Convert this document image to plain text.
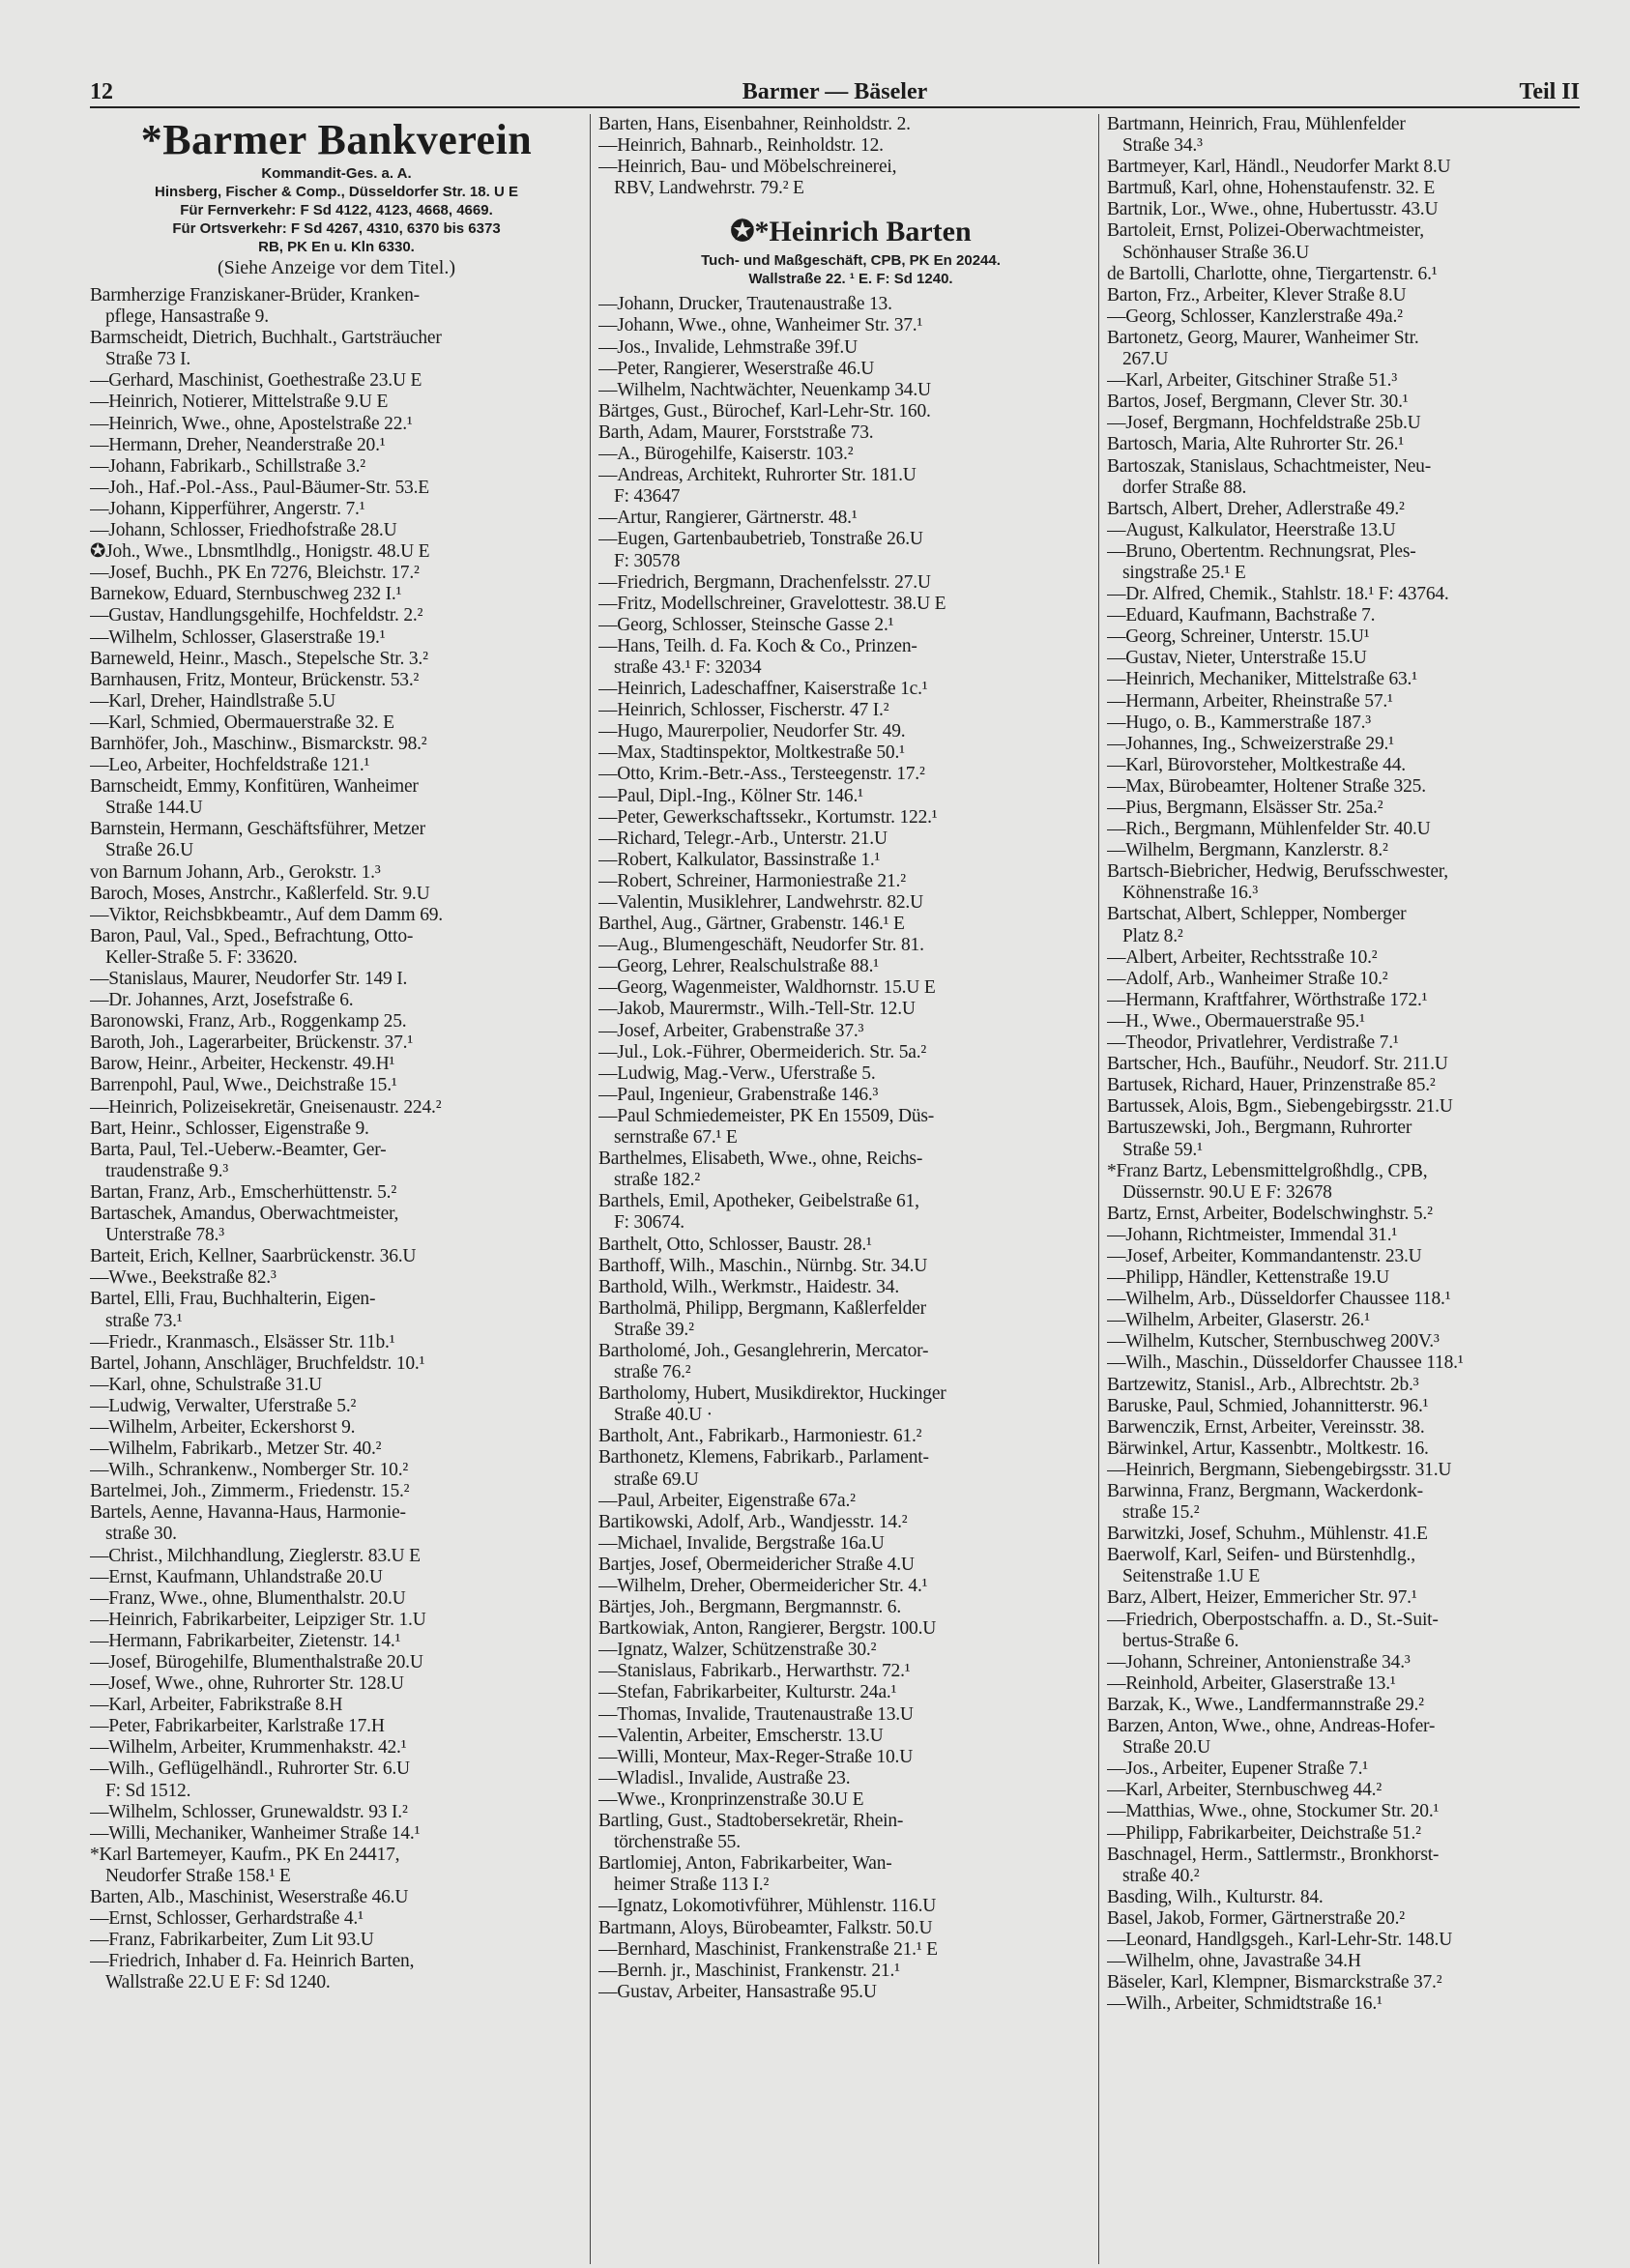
12	Barmer — Bäseler	Teil II
*Barmer Bankverein
Kommandit-Ges. a. A.
Hinsberg, Fischer & Comp., Düsseldorfer Str. 18. U E
Für Fernverkehr: F Sd 4122, 4123, 4668, 4669.
Für Ortsverkehr: F Sd 4267, 4310, 6370 bis 6373
RB, PK En u. Kln 6330.
(Siehe Anzeige vor dem Titel.)
Barmherzige Franziskaner-Brüder, Kranken-
pflege, Hansastraße 9.
Barmscheidt, Dietrich, Buchhalt., Gartsträucher
Straße 73 I.
—Gerhard, Maschinist, Goethestraße 23.U E
—Heinrich, Notierer, Mittelstraße 9.U E
—Heinrich, Wwe., ohne, Apostelstraße 22.¹
—Hermann, Dreher, Neanderstraße 20.¹
—Johann, Fabrikarb., Schillstraße 3.²
—Joh., Haf.-Pol.-Ass., Paul-Bäumer-Str. 53.E
—Johann, Kipperführer, Angerstr. 7.¹
—Johann, Schlosser, Friedhofstraße 28.U
✪Joh., Wwe., Lbnsmtlhdlg., Honigstr. 48.U E
—Josef, Buchh., PK En 7276, Bleichstr. 17.²
Barnekow, Eduard, Sternbuschweg 232 I.¹
—Gustav, Handlungsgehilfe, Hochfeldstr. 2.²
—Wilhelm, Schlosser, Glaserstraße 19.¹
Barneweld, Heinr., Masch., Stepelsche Str. 3.²
Barnhausen, Fritz, Monteur, Brückenstr. 53.²
—Karl, Dreher, Haindlstraße 5.U
—Karl, Schmied, Obermauerstraße 32. E
Barnhöfer, Joh., Maschinw., Bismarckstr. 98.²
—Leo, Arbeiter, Hochfeldstraße 121.¹
Barnscheidt, Emmy, Konfitüren, Wanheimer
Straße 144.U
Barnstein, Hermann, Geschäftsführer, Metzer
Straße 26.U
von Barnum Johann, Arb., Gerokstr. 1.³
Baroch, Moses, Anstrchr., Kaßlerfeld. Str. 9.U
—Viktor, Reichsbkbeamtr., Auf dem Damm 69.
Baron, Paul, Val., Sped., Befrachtung, Otto-
Keller-Straße 5. F: 33620.
—Stanislaus, Maurer, Neudorfer Str. 149 I.
—Dr. Johannes, Arzt, Josefstraße 6.
Baronowski, Franz, Arb., Roggenkamp 25.
Baroth, Joh., Lagerarbeiter, Brückenstr. 37.¹
Barow, Heinr., Arbeiter, Heckenstr. 49.H¹
Barrenpohl, Paul, Wwe., Deichstraße 15.¹
—Heinrich, Polizeisekretär, Gneisenaustr. 224.²
Bart, Heinr., Schlosser, Eigenstraße 9.
Barta, Paul, Tel.-Ueberw.-Beamter, Ger-
traudenstraße 9.³
Bartan, Franz, Arb., Emscherhüttenstr. 5.²
Bartaschek, Amandus, Oberwachtmeister,
Unterstraße 78.³
Barteit, Erich, Kellner, Saarbrückenstr. 36.U
—Wwe., Beekstraße 82.³
Bartel, Elli, Frau, Buchhalterin, Eigen-
straße 73.¹
—Friedr., Kranmasch., Elsässer Str. 11b.¹
Bartel, Johann, Anschläger, Bruchfeldstr. 10.¹
—Karl, ohne, Schulstraße 31.U
—Ludwig, Verwalter, Uferstraße 5.²
—Wilhelm, Arbeiter, Eckershorst 9.
—Wilhelm, Fabrikarb., Metzer Str. 40.²
—Wilh., Schrankenw., Nomberger Str. 10.²
Bartelmei, Joh., Zimmerm., Friedenstr. 15.²
Bartels, Aenne, Havanna-Haus, Harmonie-
straße 30.
—Christ., Milchhandlung, Zieglerstr. 83.U E
—Ernst, Kaufmann, Uhlandstraße 20.U
—Franz, Wwe., ohne, Blumenthalstr. 20.U
—Heinrich, Fabrikarbeiter, Leipziger Str. 1.U
—Hermann, Fabrikarbeiter, Zietenstr. 14.¹
—Josef, Bürogehilfe, Blumenthalstraße 20.U
—Josef, Wwe., ohne, Ruhrorter Str. 128.U
—Karl, Arbeiter, Fabrikstraße 8.H
—Peter, Fabrikarbeiter, Karlstraße 17.H
—Wilhelm, Arbeiter, Krummenhakstr. 42.¹
—Wilh., Geflügelhändl., Ruhrorter Str. 6.U
F: Sd 1512.
—Wilhelm, Schlosser, Grunewaldstr. 93 I.²
—Willi, Mechaniker, Wanheimer Straße 14.¹
*Karl Bartemeyer, Kaufm., PK En 24417,
Neudorfer Straße 158.¹ E
Barten, Alb., Maschinist, Weserstraße 46.U
—Ernst, Schlosser, Gerhardstraße 4.¹
—Franz, Fabrikarbeiter, Zum Lit 93.U
—Friedrich, Inhaber d. Fa. Heinrich Barten,
Wallstraße 22.U E F: Sd 1240.
Barten, Hans, Eisenbahner, Reinholdstr. 2.
—Heinrich, Bahnarb., Reinholdstr. 12.
—Heinrich, Bau- und Möbelschreinerei,
RBV, Landwehrstr. 79.² E
✪*Heinrich Barten
Tuch- und Maßgeschäft, CPB, PK En 20244.
Wallstraße 22. ¹ E. F: Sd 1240.
—Johann, Drucker, Trautenaustraße 13.
—Johann, Wwe., ohne, Wanheimer Str. 37.¹
—Jos., Invalide, Lehmstraße 39f.U
—Peter, Rangierer, Weserstraße 46.U
—Wilhelm, Nachtwächter, Neuenkamp 34.U
Bärtges, Gust., Bürochef, Karl-Lehr-Str. 160.
Barth, Adam, Maurer, Forststraße 73.
—A., Bürogehilfe, Kaiserstr. 103.²
—Andreas, Architekt, Ruhrorter Str. 181.U
F: 43647
—Artur, Rangierer, Gärtnerstr. 48.¹
—Eugen, Gartenbaubetrieb, Tonstraße 26.U
F: 30578
—Friedrich, Bergmann, Drachenfelsstr. 27.U
—Fritz, Modellschreiner, Gravelottestr. 38.U E
—Georg, Schlosser, Steinsche Gasse 2.¹
—Hans, Teilh. d. Fa. Koch & Co., Prinzen-
straße 43.¹ F: 32034
—Heinrich, Ladeschaffner, Kaiserstraße 1c.¹
—Heinrich, Schlosser, Fischerstr. 47 I.²
—Hugo, Maurerpolier, Neudorfer Str. 49.
—Max, Stadtinspektor, Moltkestraße 50.¹
—Otto, Krim.-Betr.-Ass., Tersteegenstr. 17.²
—Paul, Dipl.-Ing., Kölner Str. 146.¹
—Peter, Gewerkschaftssekr., Kortumstr. 122.¹
—Richard, Telegr.-Arb., Unterstr. 21.U
—Robert, Kalkulator, Bassinstraße 1.¹
—Robert, Schreiner, Harmoniestraße 21.²
—Valentin, Musiklehrer, Landwehrstr. 82.U
Barthel, Aug., Gärtner, Grabenstr. 146.¹ E
—Aug., Blumengeschäft, Neudorfer Str. 81.
—Georg, Lehrer, Realschulstraße 88.¹
—Georg, Wagenmeister, Waldhornstr. 15.U E
—Jakob, Maurermstr., Wilh.-Tell-Str. 12.U
—Josef, Arbeiter, Grabenstraße 37.³
—Jul., Lok.-Führer, Obermeiderich. Str. 5a.²
—Ludwig, Mag.-Verw., Uferstraße 5.
—Paul, Ingenieur, Grabenstraße 146.³
—Paul Schmiedemeister, PK En 15509, Düs-
sernstraße 67.¹ E
Barthelmes, Elisabeth, Wwe., ohne, Reichs-
straße 182.²
Barthels, Emil, Apotheker, Geibelstraße 61,
F: 30674.
Barthelt, Otto, Schlosser, Baustr. 28.¹
Barthoff, Wilh., Maschin., Nürnbg. Str. 34.U
Barthold, Wilh., Werkmstr., Haidestr. 34.
Bartholmä, Philipp, Bergmann, Kaßlerfelder
Straße 39.²
Bartholomé, Joh., Gesanglehrerin, Mercator-
straße 76.²
Bartholomy, Hubert, Musikdirektor, Huckinger
Straße 40.U ·
Bartholt, Ant., Fabrikarb., Harmoniestr. 61.²
Barthonetz, Klemens, Fabrikarb., Parlament-
straße 69.U
—Paul, Arbeiter, Eigenstraße 67a.²
Bartikowski, Adolf, Arb., Wandjesstr. 14.²
—Michael, Invalide, Bergstraße 16a.U
Bartjes, Josef, Obermeidericher Straße 4.U
—Wilhelm, Dreher, Obermeidericher Str. 4.¹
Bärtjes, Joh., Bergmann, Bergmannstr. 6.
Bartkowiak, Anton, Rangierer, Bergstr. 100.U
—Ignatz, Walzer, Schützenstraße 30.²
—Stanislaus, Fabrikarb., Herwarthstr. 72.¹
—Stefan, Fabrikarbeiter, Kulturstr. 24a.¹
—Thomas, Invalide, Trautenaustraße 13.U
—Valentin, Arbeiter, Emscherstr. 13.U
—Willi, Monteur, Max-Reger-Straße 10.U
—Wladisl., Invalide, Austraße 23.
—Wwe., Kronprinzenstraße 30.U E
Bartling, Gust., Stadtobersekretär, Rhein-
törchenstraße 55.
Bartlomiej, Anton, Fabrikarbeiter, Wan-
heimer Straße 113 I.²
—Ignatz, Lokomotivführer, Mühlenstr. 116.U
Bartmann, Aloys, Bürobeamter, Falkstr. 50.U
—Bernhard, Maschinist, Frankenstraße 21.¹ E
—Bernh. jr., Maschinist, Frankenstr. 21.¹
—Gustav, Arbeiter, Hansastraße 95.U
Bartmann, Heinrich, Frau, Mühlenfelder
Straße 34.³
Bartmeyer, Karl, Händl., Neudorfer Markt 8.U
Bartmuß, Karl, ohne, Hohenstaufenstr. 32. E
Bartnik, Lor., Wwe., ohne, Hubertusstr. 43.U
Bartoleit, Ernst, Polizei-Oberwachtmeister,
Schönhauser Straße 36.U
de Bartolli, Charlotte, ohne, Tiergartenstr. 6.¹
Barton, Frz., Arbeiter, Klever Straße 8.U
—Georg, Schlosser, Kanzlerstraße 49a.²
Bartonetz, Georg, Maurer, Wanheimer Str.
267.U
—Karl, Arbeiter, Gitschiner Straße 51.³
Bartos, Josef, Bergmann, Clever Str. 30.¹
—Josef, Bergmann, Hochfeldstraße 25b.U
Bartosch, Maria, Alte Ruhrorter Str. 26.¹
Bartoszak, Stanislaus, Schachtmeister, Neu-
dorfer Straße 88.
Bartsch, Albert, Dreher, Adlerstraße 49.²
—August, Kalkulator, Heerstraße 13.U
—Bruno, Obertentm. Rechnungsrat, Ples-
singstraße 25.¹ E
—Dr. Alfred, Chemik., Stahlstr. 18.¹ F: 43764.
—Eduard, Kaufmann, Bachstraße 7.
—Georg, Schreiner, Unterstr. 15.U¹
—Gustav, Nieter, Unterstraße 15.U
—Heinrich, Mechaniker, Mittelstraße 63.¹
—Hermann, Arbeiter, Rheinstraße 57.¹
—Hugo, o. B., Kammerstraße 187.³
—Johannes, Ing., Schweizerstraße 29.¹
—Karl, Bürovorsteher, Moltkestraße 44.
—Max, Bürobeamter, Holtener Straße 325.
—Pius, Bergmann, Elsässer Str. 25a.²
—Rich., Bergmann, Mühlenfelder Str. 40.U
—Wilhelm, Bergmann, Kanzlerstr. 8.²
Bartsch-Biebricher, Hedwig, Berufsschwester,
Köhnenstraße 16.³
Bartschat, Albert, Schlepper, Nomberger
Platz 8.²
—Albert, Arbeiter, Rechtsstraße 10.²
—Adolf, Arb., Wanheimer Straße 10.²
—Hermann, Kraftfahrer, Wörthstraße 172.¹
—H., Wwe., Obermauerstraße 95.¹
—Theodor, Privatlehrer, Verdistraße 7.¹
Bartscher, Hch., Bauführ., Neudorf. Str. 211.U
Bartusek, Richard, Hauer, Prinzenstraße 85.²
Bartussek, Alois, Bgm., Siebengebirgsstr. 21.U
Bartuszewski, Joh., Bergmann, Ruhrorter
Straße 59.¹
*Franz Bartz, Lebensmittelgroßhdlg., CPB,
Düssernstr. 90.U E F: 32678
Bartz, Ernst, Arbeiter, Bodelschwinghstr. 5.²
—Johann, Richtmeister, Immendal 31.¹
—Josef, Arbeiter, Kommandantenstr. 23.U
—Philipp, Händler, Kettenstraße 19.U
—Wilhelm, Arb., Düsseldorfer Chaussee 118.¹
—Wilhelm, Arbeiter, Glaserstr. 26.¹
—Wilhelm, Kutscher, Sternbuschweg 200V.³
—Wilh., Maschin., Düsseldorfer Chaussee 118.¹
Bartzewitz, Stanisl., Arb., Albrechtstr. 2b.³
Baruske, Paul, Schmied, Johannitterstr. 96.¹
Barwenczik, Ernst, Arbeiter, Vereinsstr. 38.
Bärwinkel, Artur, Kassenbtr., Moltkestr. 16.
—Heinrich, Bergmann, Siebengebirgsstr. 31.U
Barwinna, Franz, Bergmann, Wackerdonk-
straße 15.²
Barwitzki, Josef, Schuhm., Mühlenstr. 41.E
Baerwolf, Karl, Seifen- und Bürstenhdlg.,
Seitenstraße 1.U E
Barz, Albert, Heizer, Emmericher Str. 97.¹
—Friedrich, Oberpostschaffn. a. D., St.-Suit-
bertus-Straße 6.
—Johann, Schreiner, Antonienstraße 34.³
—Reinhold, Arbeiter, Glaserstraße 13.¹
Barzak, K., Wwe., Landfermannstraße 29.²
Barzen, Anton, Wwe., ohne, Andreas-Hofer-
Straße 20.U
—Jos., Arbeiter, Eupener Straße 7.¹
—Karl, Arbeiter, Sternbuschweg 44.²
—Matthias, Wwe., ohne, Stockumer Str. 20.¹
—Philipp, Fabrikarbeiter, Deichstraße 51.²
Baschnagel, Herm., Sattlermstr., Bronkhorst-
straße 40.²
Basding, Wilh., Kulturstr. 84.
Basel, Jakob, Former, Gärtnerstraße 20.²
—Leonard, Handlgsgeh., Karl-Lehr-Str. 148.U
—Wilhelm, ohne, Javastraße 34.H
Bäseler, Karl, Klempner, Bismarckstraße 37.²
—Wilh., Arbeiter, Schmidtstraße 16.¹
